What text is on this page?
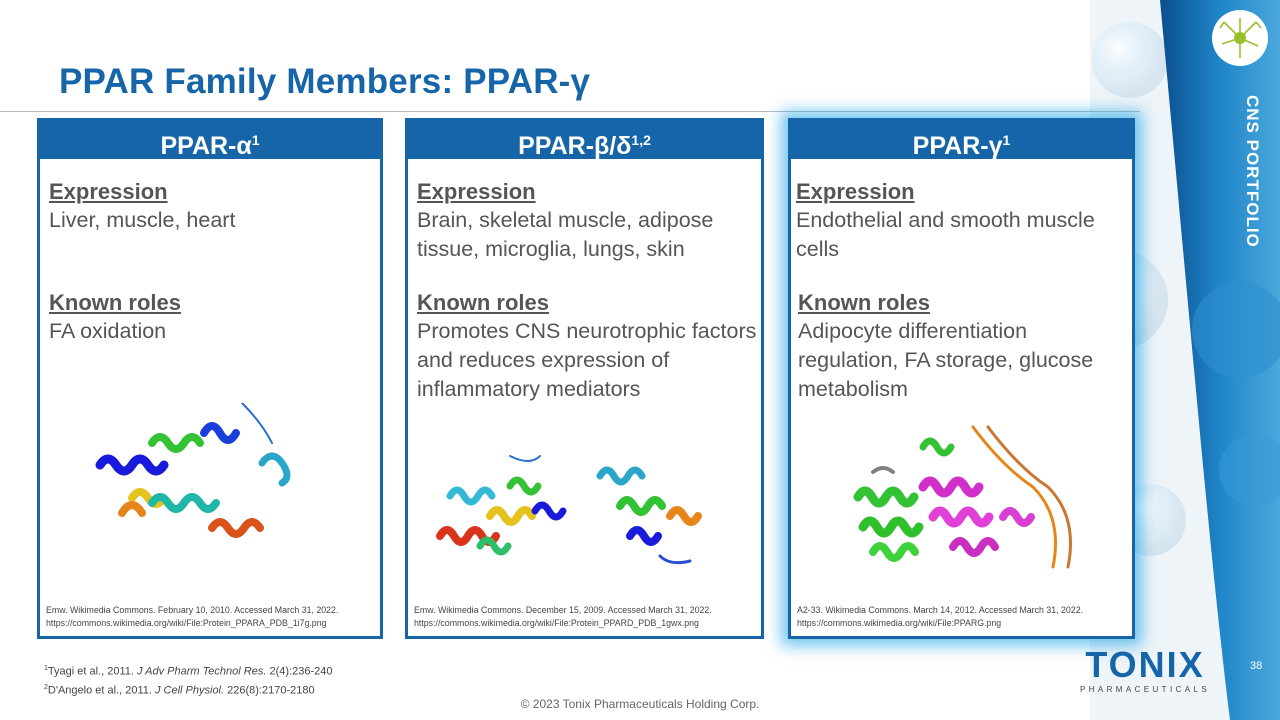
CNS PORTFOLIO
PPAR Family Members: PPAR-γ
PPAR-$\alpha^1$
Expression
Liver, muscle, heart
Known roles
FA oxidation
Emw. Wikimedia Commons. February 10, 2010. Accessed March 31, 2022.
https://commons.wikimedia.org/wiki/File:Protein_PPARA_PDB_1i7g.png
PPAR-$\beta/\delta^{1,2}$
Expression
Brain, skeletal muscle, adipose tissue, microglia, lungs, skin
Known roles
Promotes CNS neurotrophic factors and reduces expression of inflammatory mediators
Emw. Wikimedia Commons. December 15, 2009. Accessed March 31, 2022.
https://commons.wikimedia.org/wiki/File:Protein_PPARD_PDB_1gwx.png
PPAR-$\gamma^1$
Expression
Endothelial and smooth muscle cells
Known roles
Adipocyte differentiation regulation, FA storage, glucose metabolism
A2-33. Wikimedia Commons. March 14, 2012. Accessed March 31, 2022.
https://commons.wikimedia.org/wiki/File:PPARG.png
$^1$Tyagi et al., 2011. J Adv Pharm Technol Res. 2(4):236-240
$^2$D'Angelo et al., 2011. J Cell Physiol. 226(8):2170-2180
© 2023 Tonix Pharmaceuticals Holding Corp.
TONIX
PHARMACEUTICALS
38
